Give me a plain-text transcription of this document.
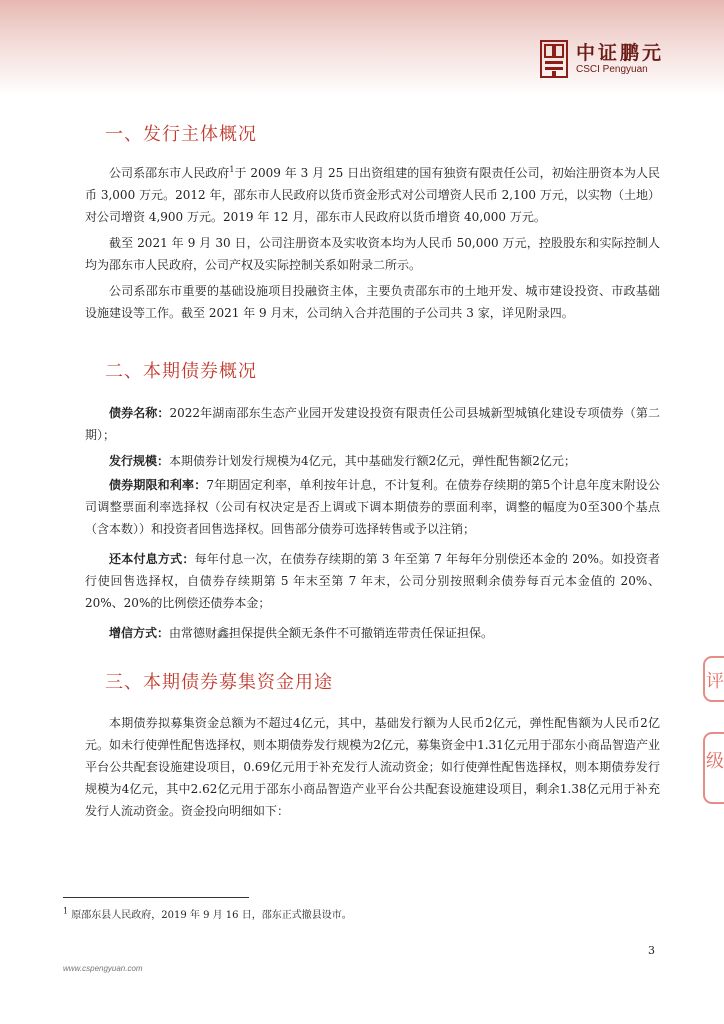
中证鹏元
CSCI Pengyuan
一、发行主体概况

公司系邵东市人民政府$^1$于 2009 年 3 月 25 日出资组建的国有独资有限责任公司，初始注册资本为人民币 3,000 万元。2012 年，邵东市人民政府以货币资金形式对公司增资人民币 2,100 万元，以实物（土地）对公司增资 4,900 万元。2019 年 12 月，邵东市人民政府以货币增资 40,000 万元。

截至 2021 年 9 月 30 日，公司注册资本及实收资本均为人民币 50,000 万元，控股股东和实际控制人均为邵东市人民政府，公司产权及实际控制关系如附录二所示。

公司系邵东市重要的基础设施项目投融资主体，主要负责邵东市的土地开发、城市建设投资、市政基础设施建设等工作。截至 2021 年 9 月末，公司纳入合并范围的子公司共 3 家，详见附录四。

二、本期债券概况

债券名称：2022年湖南邵东生态产业园开发建设投资有限责任公司县城新型城镇化建设专项债券（第二期）；

发行规模：本期债券计划发行规模为4亿元，其中基础发行额2亿元，弹性配售额2亿元；

债券期限和利率：7年期固定利率，单利按年计息，不计复利。在债券存续期的第5个计息年度末附设公司调整票面利率选择权（公司有权决定是否上调或下调本期债券的票面利率，调整的幅度为0至300个基点（含本数））和投资者回售选择权。回售部分债券可选择转售或予以注销；

还本付息方式：每年付息一次，在债券存续期的第 3 年至第 7 年每年分别偿还本金的 20%。如投资者行使回售选择权，自债券存续期第 5 年末至第 7 年末，公司分别按照剩余债券每百元本金值的 20%、20%、20%的比例偿还债券本金；

增信方式：由常德财鑫担保提供全额无条件不可撤销连带责任保证担保。

三、本期债券募集资金用途

本期债券拟募集资金总额为不超过4亿元，其中，基础发行额为人民币2亿元，弹性配售额为人民币2亿元。如未行使弹性配售选择权，则本期债券发行规模为2亿元，募集资金中1.31亿元用于邵东小商品智造产业平台公共配套设施建设项目，0.69亿元用于补充发行人流动资金；如行使弹性配售选择权，则本期债券发行规模为4亿元，其中2.62亿元用于邵东小商品智造产业平台公共配套设施建设项目，剩余1.38亿元用于补充发行人流动资金。资金投向明细如下：

$^1$ 原邵东县人民政府，2019 年 9 月 16 日，邵东正式撤县设市。
3
www.cspengyuan.com
评
级
